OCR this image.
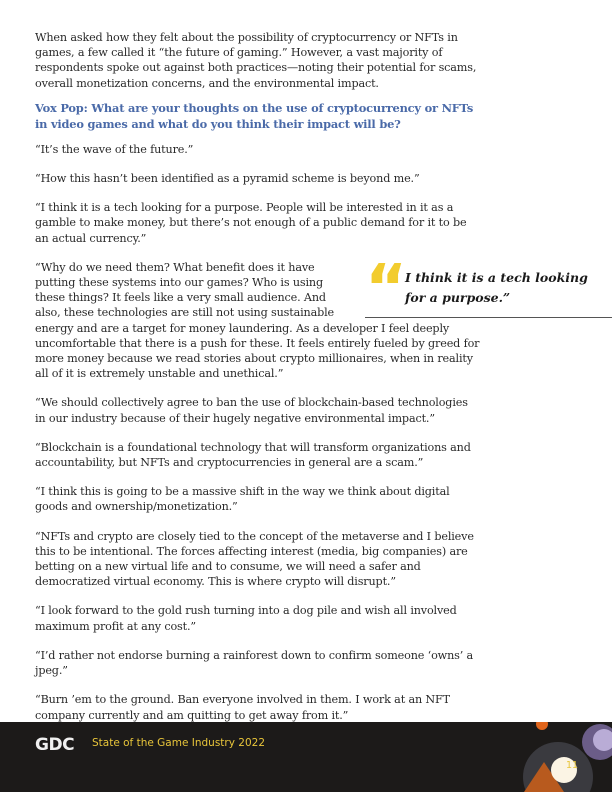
When asked how they felt about the possibility of cryptocurrency or NFTs in games, a few called it “the future of gaming.” However, a vast majority of respondents spoke out against both practices—noting their potential for scams, overall monetization concerns, and the environmental impact.

Vox Pop: What are your thoughts on the use of cryptocurrency or NFTs in video games and what do you think their impact will be?

“It’s the wave of the future.”

“How this hasn’t been identified as a pyramid scheme is beyond me.”

“I think it is a tech looking for a purpose. People will be interested in it as a gamble to make money, but there’s not enough of a public demand for it to be an actual currency.”

“Why do we need them? What benefit does it have putting these systems into our games? Who is using these things? It feels like a very small audience. And also, these technologies are still not using sustainable energy and are a target for money laundering. As a developer I feel deeply uncomfortable that there is a push for these. It feels entirely fueled by greed for more money because we read stories about crypto millionaires, when in reality all of it is extremely unstable and unethical.”

“We should collectively agree to ban the use of blockchain-based technologies in our industry because of their hugely negative environmental impact.”

“Blockchain is a foundational technology that will transform organizations and accountability, but NFTs and cryptocurrencies in general are a scam.”

“I think this is going to be a massive shift in the way we think about digital goods and ownership/monetization.”

“NFTs and crypto are closely tied to the concept of the metaverse and I believe this to be intentional. The forces affecting interest (media, big companies) are betting on a new virtual life and to consume, we will need a safer and democratized virtual economy. This is where crypto will disrupt.”

“I look forward to the gold rush turning into a dog pile and wish all involved maximum profit at any cost.”

“I’d rather not endorse burning a rainforest down to confirm someone ‘owns’ a jpeg.”

“Burn ’em to the ground. Ban everyone involved in them. I work at an NFT company currently and am quitting to get away from it.”

“
I think it is a tech looking for a purpose.”
GDC State of the Game Industry 2022
11
